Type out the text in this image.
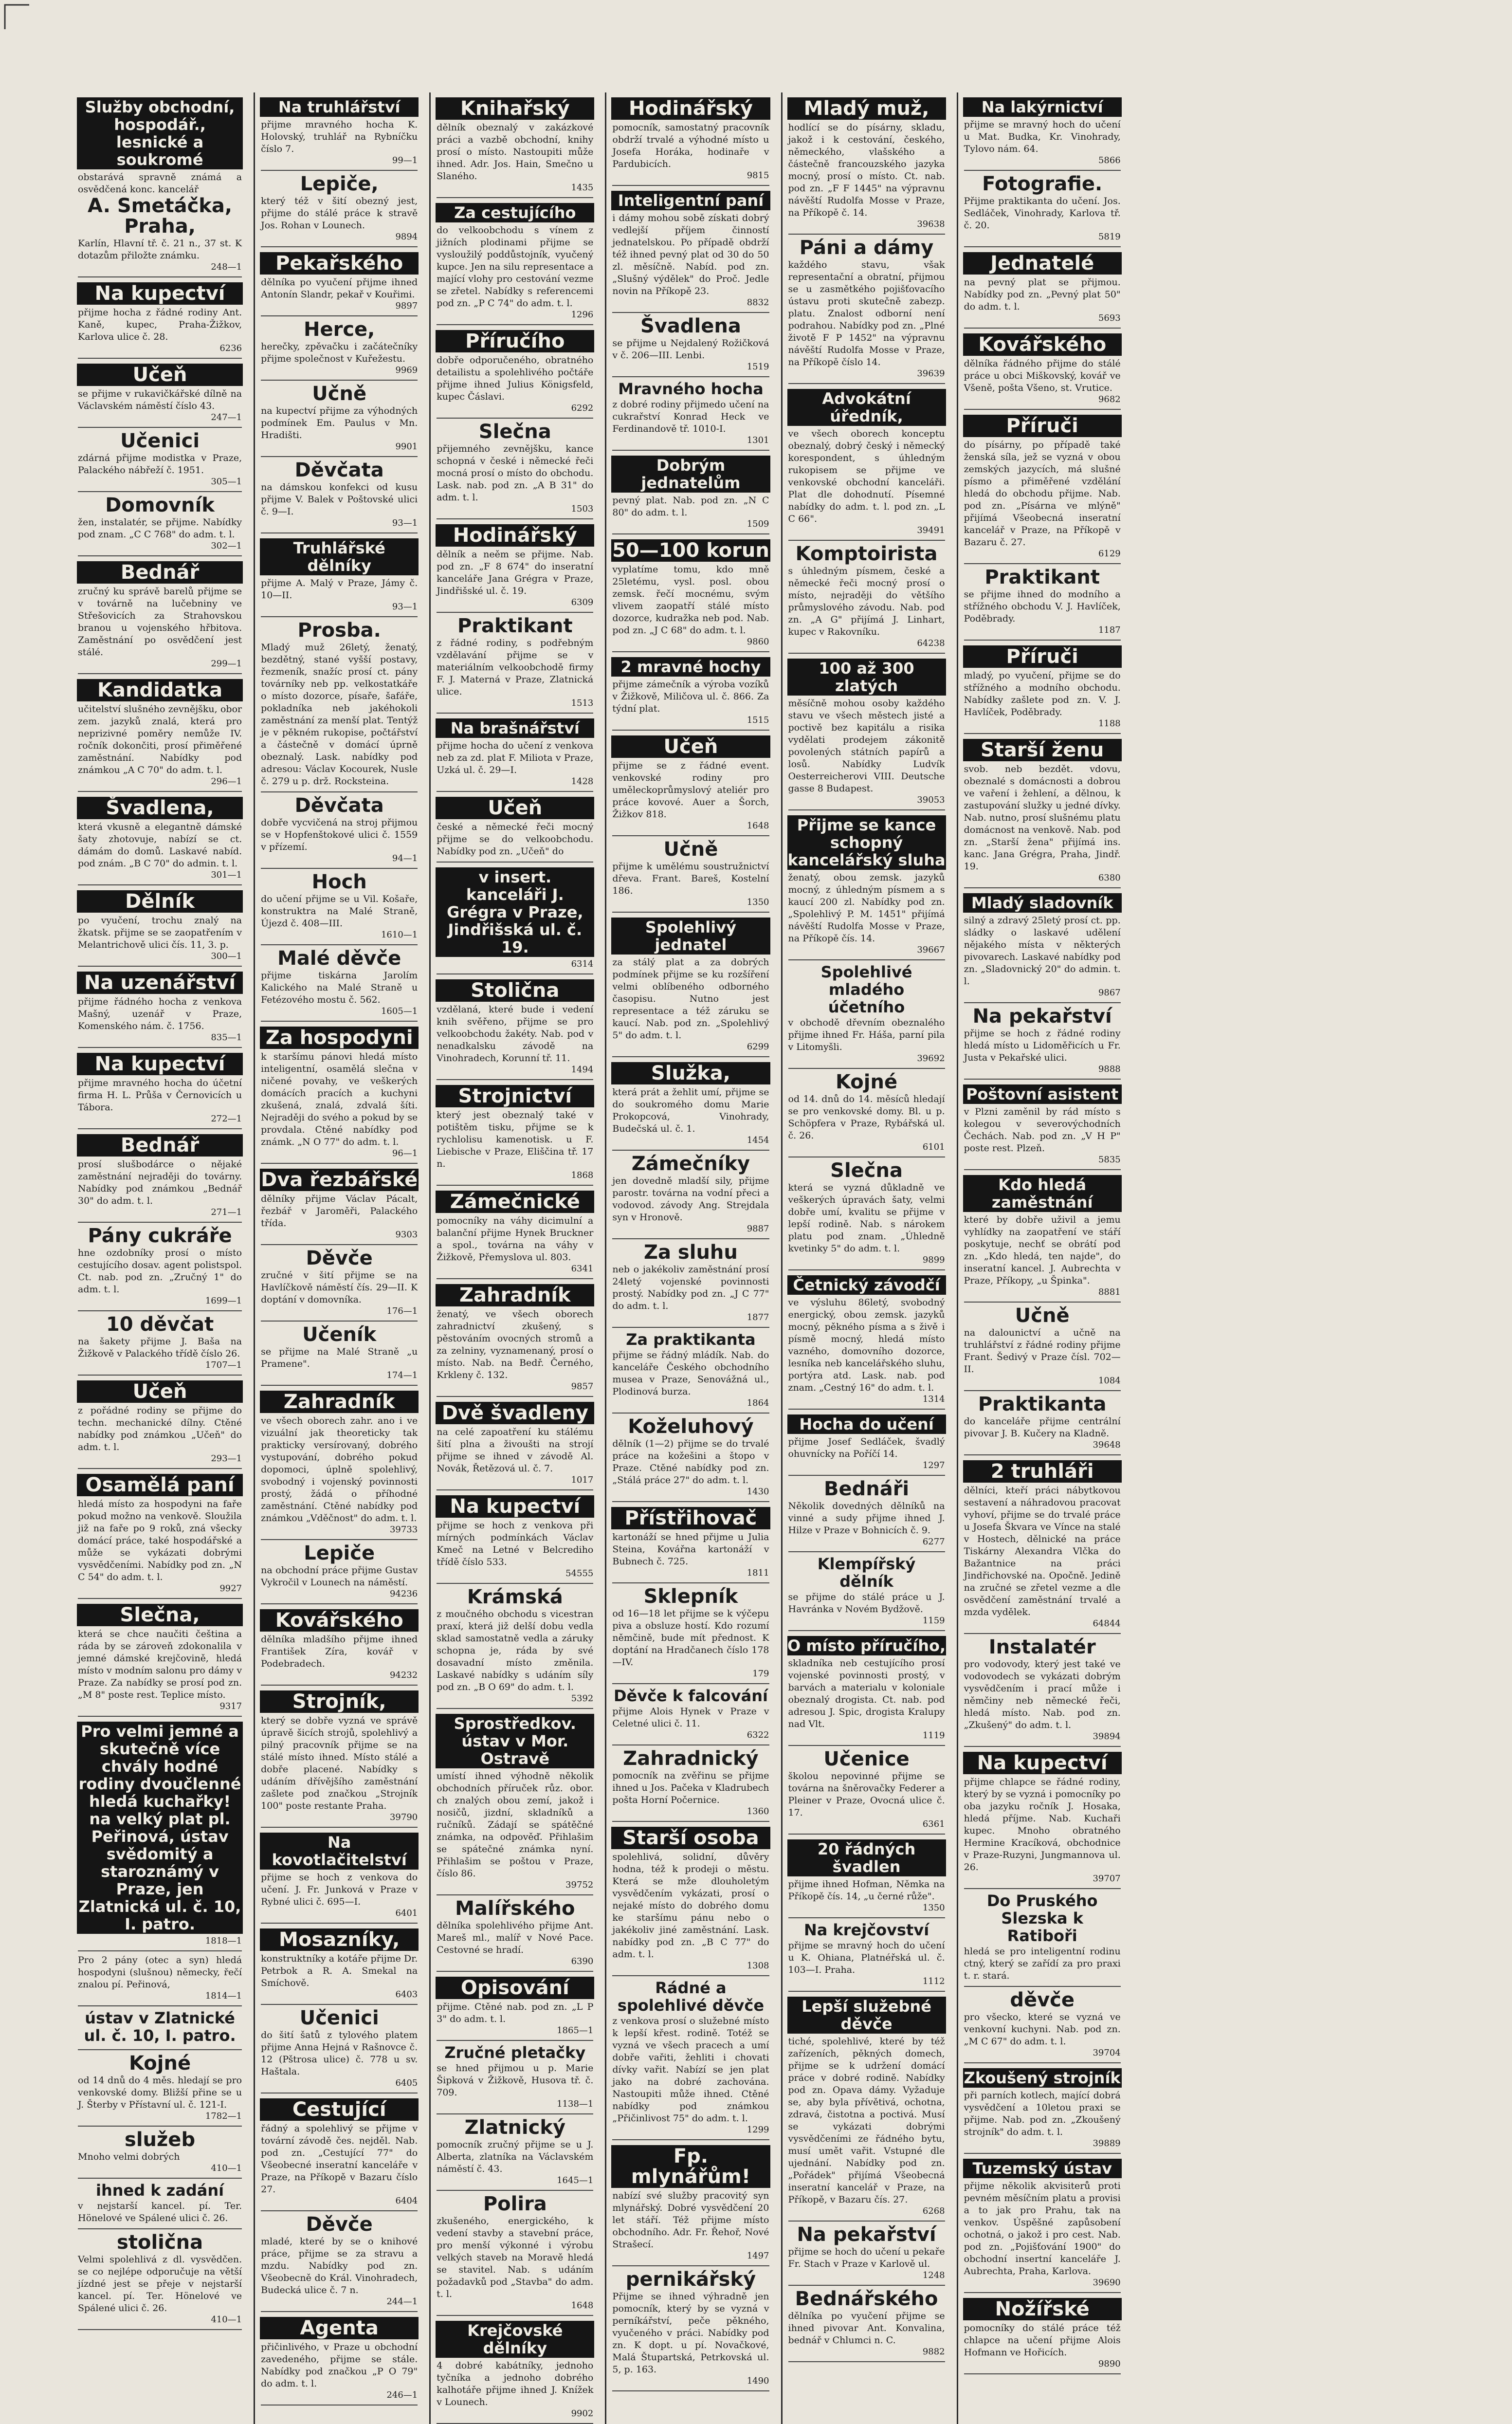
Služby obchodní, hospodář., lesnické a soukromé
obstarává spravně známá a osvědčená konc. kancelář
A. Smetáčka, Praha,
Karlín, Hlavní tř. č. 21 n., 37 st. K dotazům přiložte známku.
248—1
Na kupectví
přijme hocha z řádné rodiny Ant. Kaně, kupec, Praha-Žižkov, Karlova ulice č. 28.
6236
Učeň
se přijme v rukavičkářské dílně na Václavském náměstí číslo 43.
247—1
Učenici
zdárná přijme modistka v Praze, Palackého nábřeží č. 1951.
305—1
Domovník
žen, instalatér, se přijme. Nabídky pod znam. „C C 768" do adm. t. l.
302—1
Bednář
zručný ku správě barelů přijme se v továrně na lučebniny ve Střešovicích za Strahovskou branou u vojenského hřbitova. Zaměstnání po osvědčení jest stálé.
299—1
Kandidatka
učitelství slušného zevnějšku, obor zem. jazyků znalá, která pro neprizivné poměry nemůže IV. ročník dokončiti, prosí přiměřené zaměstnání. Nabídky pod známkou „A C 70" do adm. t. l.
296—1
Švadlena,
která vkusně a elegantně dámské šaty zhotovuje, nabízí se ct. dámám do domů. Laskavé nabíd. pod znám. „B C 70" do admin. t. l.
301—1
Dělník
po vyučení, trochu znalý na žkatsk. přijme se se zaopatřením v Melantrichově ulici čís. 11, 3. p.
300—1
Na uzenářství
přijme řádného hocha z venkova Mašný, uzenář v Praze, Komenského nám. č. 1756.
835—1
Na kupectví
přijme mravného hocha do účetní firma H. L. Průša v Černovicích u Tábora.
272—1
Bednář
prosí slušbodárce o nějaké zaměstnání nejraději do továrny. Nabídky pod známkou „Bednář 30" do adm. t. l.
271—1
Pány cukráře
hne ozdobníky prosí o místo cestujícího dosav. agent polistspol. Ct. nab. pod zn. „Zručný 1" do adm. t. l.
1699—1
10 děvčat
na šakety přijme J. Baša na Žižkově v Palackého třídě číslo 26.
1707—1
Učeň
z pořádné rodiny se přijme do techn. mechanické dílny. Ctěné nabídky pod známkou „Učeň" do adm. t. l.
293—1
Osamělá paní
hledá místo za hospodyni na faře pokud možno na venkově. Sloužila již na faře po 9 roků, zná všecky domácí práce, také hospodářské a může se vykázati dobrými vysvědčeními. Nabídky pod zn. „N C 54" do adm. t. l.
9927
Slečna,
která se chce naučiti čeština a ráda by se zároveň zdokonalila v jemné dámské krejčovině, hledá místo v modním salonu pro dámy v Praze. Za nabídky se prosí pod zn. „M 8" poste rest. Teplice místo.
9317
Pro velmi jemné a skutečně více chvály hodné rodiny dvoučlenné hledá kuchařky! na velký plat pl. Peřinová, ústav svědomitý a staroznámý v Praze, jen Zlatnická ul. č. 10, I. patro.
1818—1
Pro 2 pány (otec a syn) hledá hospodyni (slušnou) německy, řečí znalou pí. Peřinová,
1814—1
ústav v Zlatnické ul. č. 10, I. patro.
Kojné
od 14 dnů do 4 měs. hledají se pro venkovské domy. Bližší přine se u J. Šterby v Přístavní ul. č. 121-I.
1782—1
služeb
Mnoho velmi dobrých
410—1
ihned k zadání
v nejstarší kancel. pí. Ter. Hönelové ve Spálené ulici č. 26.
stolična
Velmi spolehlivá z dl. vysvědčen. se co nejlépe odporučuje na větší jízdné jest se přeje v nejstarší kancel. pí. Ter. Hönelové ve Spálené ulici č. 26.
410—1
Na truhlářství
přijme mravného hocha K. Holovský, truhlář na Rybníčku číslo 7.
99—1
Lepiče,
který též v šití obezný jest, přijme do stálé práce k stravě Jos. Rohan v Lounech.
9894
Pekařského
dělníka po vyučení přijme ihned Antonín Slandr, pekař v Kouřimi.
9897
Herce,
herečky, zpěvačku i začátečníky přijme společnost v Kuřežestu.
9969
Učně
na kupectví přijme za výhodných podmínek Em. Paulus v Mn. Hradišti.
9901
Děvčata
na dámskou konfekci od kusu přijme V. Balek v Poštovské ulici č. 9—I.
93—1
Truhlářské dělníky
přijme A. Malý v Praze, Jámy č. 10—II.
93—1
Prosba.
Mladý muž 26letý, ženatý, bezdětný, stané vyšší postavy, řezmeník, snažíc prosí ct. pány továrníky neb pp. velkostatkáře o místo dozorce, písaře, šafáře, pokladníka neb jakéhokoli zaměstnání za menší plat. Tentýž je v pěkném rukopise, počtářství a částečně v domácí úprně obeznalý. Lask. nabídky pod adresou: Václav Kocourek, Nusle č. 279 u p. drž. Rocksteina.
Děvčata
dobře vycvičená na stroj přijmou se v Hopfenštokové ulici č. 1559 v přízemí.
94—1
Hoch
do učení přijme se u Vil. Košaře, konstruktra na Malé Straně, Újezd č. 408—III.
1610—1
Malé děvče
přijme tiskárna Jarolím Kalického na Malé Straně u Fetézového mostu č. 562.
1605—1
Za hospodyni
k staršímu pánovi hledá místo inteligentní, osamělá slečna v ničené povahy, ve veškerých domácích pracích a kuchyni zkušená, znalá, zdvalá šíti. Nejraději do svého a pokud by se provdala. Ctěné nabídky pod známk. „N O 77" do adm. t. l.
96—1
Dva řezbářské
dělníky přijme Václav Pácalt, řezbář v Jaroměři, Palackého třída.
9303
Děvče
zručné v šití přijme se na Havlíčkově náměstí čís. 29—II. K doptání v domovníka.
176—1
Učeník
se přijme na Malé Straně „u Pramene".
174—1
Zahradník
ve všech oborech zahr. ano i ve vizuální jak theoreticky tak prakticky versírovaný, dobrého vystupování, dobrého pokud dopomoci, úplně spolehlivý, svobodný i vojenský povinnosti prostý, žádá o příhodné zaměstnání. Ctěné nabídky pod známkou „Vděčnost" do adm. t. l.
39733
Lepiče
na obchodní práce přijme Gustav Vykročil v Lounech na náměstí.
94236
Kovářského
dělníka mladšího přijme ihned František Zíra, kovář v Podebradech.
94232
Strojník,
který se dobře vyzná ve správě úpravě šicích strojů, spolehlivý a pilný pracovník přijme se na stálé místo ihned. Místo stálé a dobře placené. Nabídky s udáním dřívějšího zaměstnání zašlete pod značkou „Strojník 100" poste restante Praha.
39790
Na kovotlačitelství
přijme se hoch z venkova do učení. J. Fr. Junková v Praze v Rybné ulici č. 695—I.
6401
Mosazníky,
konstruktníky a kotáře přijme Dr. Petrbok a R. A. Smekal na Smíchově.
6403
Učenici
do šití šatů z tylového platem přijme Anna Hejná v Rašnovce č. 12 (Pštrosa ulice) č. 778 u sv. Haštala.
6405
Cestující
řádný a spolehlivý se přijme v tovární závodě čes. nejděl. Nab. pod zn. „Cestující 77" do Všeobecné inseratní kanceláře v Praze, na Příkopě v Bazaru číslo 27.
6404
Děvče
mladé, které by se o knihové práce, přijme se za stravu a mzdu. Nabídky pod zn. Všeobecně do Král. Vinohradech, Budecká ulice č. 7 n.
244—1
Agenta
přičinlivého, v Praze u obchodní zavedeného, přijme se stále. Nabídky pod značkou „P O 79" do adm. t. l.
246—1
Knihařský
dělník obeznalý v zakázkové práci a vazbě obchodní, knihy prosí o místo. Nastoupiti může ihned. Adr. Jos. Hain, Smečno u Slaného.
1435
Za cestujícího
do velkoobchodu s vínem z jižních plodinami přijme se vysloužilý poddůstojník, vyučený kupce. Jen na silu representace a mající vlohy pro cestování vezme se zřetel. Nabídky s referencemi pod zn. „P C 74" do adm. t. l.
1296
Příručího
dobře odporučeného, obratného detailistu a spolehlivého počtáře přijme ihned Julius Königsfeld, kupec Čáslavi.
6292
Slečna
přijemného zevnějšku, kance schopná v české i německé řeči mocná prosí o místo do obchodu. Lask. nab. pod zn. „A B 31" do adm. t. l.
1503
Hodinářský
dělník a neěm se přijme. Nab. pod zn. „F 8 674" do inseratní kanceláře Jana Grégra v Praze, Jindřišské ul. č. 19.
6309
Praktikant
z řádné rodiny, s podřebným vzdělavání přijme se v materiálním velkoobchodě firmy F. J. Materná v Praze, Zlatnická ulice.
1513
Na brašnářství
přijme hocha do učení z venkova neb za zd. plat F. Miliota v Praze, Uzká ul. č. 29—I.
1428
Učeň
české a německé řeči mocný přijme se do velkoobchodu. Nabídky pod zn. „Učeň" do
v insert. kanceláři J. Grégra v Praze, Jindřišská ul. č. 19.
6314
Stolična
vzdělaná, které bude i vedení knih svěřeno, přijme se pro velkoobchodu žakéty. Nab. pod v nenadkalsku závodě na Vinohradech, Korunní tř. 11.
1494
Strojnictví
který jest obeznalý také v potištěm tisku, přijme se k rychlolisu kamenotisk. u F. Liebische v Praze, Eliščina tř. 17 n.
1868
Zámečnické
pomocníky na váhy dicimulní a balanční přijme Hynek Bruckner a spol., továrna na váhy v Žižkově, Přemyslova ul. 803.
6341
Zahradník
ženatý, ve všech oborech zahradnictví zkušený, s pěstováním ovocných stromů a za zelniny, vyznamenaný, prosí o místo. Nab. na Bedř. Černého, Krkleny č. 132.
9857
Dvě švadleny
na celé zapoatření ku stálému šití plna a živoušti na strojí přijme se ihned v závodě Al. Novák, Řetězová ul. č. 7.
1017
Na kupectví
přijme se hoch z venkova při mírných podmínkách Václav Kmeč na Letné v Belcrediho třídě číslo 533.
54555
Krámská
z moučného obchodu s vicestran praxí, která již delší dobu vedla sklad samostatně vedla a záruky schopna je, ráda by své dosavadní místo změnila. Laskavé nabídky s udáním síly pod zn. „B O 69" do adm. t. l.
5392
Sprostředkov. ústav v Mor. Ostravě
umístí ihned výhodně několik obchodních příruček růz. obor. ch znalých obou zemí, jakož i nosičů, jizdní, skladníků a ručníků. Zádají se spátěčné známka, na odpověď. Přihlašim se spátečné známka nyní. Přihlašim se poštou v Praze, číslo 86.
39752
Malířského
dělníka spolehlivého přijme Ant. Mareš ml., malíř v Nové Pace. Cestovné se hradí.
6390
Opisování
přijme. Ctěné nab. pod zn. „L P 3" do adm. t. l.
1865—1
Zručné pletačky
se hned přijmou u p. Marie Šipková v Žižkově, Husova tř. č. 709.
1138—1
Zlatnický
pomocník zručný přijme se u J. Alberta, zlatníka na Václavském náměstí č. 43.
1645—1
Polira
zkušeného, energického, k vedení stavby a stavební práce, pro menší výkonné i výrobu velkých staveb na Moravě hledá se stavitel. Nab. s udáním požadavků pod „Stavba" do adm. t. l.
1648
Krejčovské dělníky
4 dobré kabátníky, jednoho tyčníka a jednoho dobrého kalhotáře přijme ihned J. Knížek v Lounech.
9902
Hodinářský
pomocník, samostatný pracovník obdrží trvalé a výhodné místo u Josefa Horáka, hodinaře v Pardubicích.
9815
Inteligentní paní
i dámy mohou sobě získati dobrý vedlejší příjem činností jednatelskou. Po případě obdrží též ihned pevný plat od 30 do 50 zl. měsíčně. Nabíd. pod zn. „Slušný výdělek" do Proč. Jedle novin na Příkopě 23.
8832
Švadlena
se přijme u Nejdalený Rožičková v č. 206—III. Lenbi.
1519
Mravného hocha
z dobré rodiny přijmedo učení na cukrařství Konrad Heck ve Ferdinandově tř. 1010-I.
1301
Dobrým jednatelům
pevný plat. Nab. pod zn. „N C 80" do adm. t. l.
1509
50—100 korun
vyplatíme tomu, kdo mně 25letému, vysl. posl. obou zemsk. řečí mocnému, svým vlivem zaopatří stálé místo dozorce, kudražka neb pod. Nab. pod zn. „J C 68" do adm. t. l.
9860
2 mravné hochy
přijme zámečník a výroba vozíků v Žižkově, Miličova ul. č. 866. Za týdní plat.
1515
Učeň
přijme se z řádné event. venkovské rodiny pro uměleckoprůmyslový ateliér pro práce kovové. Auer a Šorch, Žižkov 818.
1648
Učně
přijme k umělému soustružnictví dřeva. Frant. Bareš, Kostelní 186.
1350
Spolehlivý jednatel
za stálý plat a za dobrých podmínek přijme se ku rozšíření velmi oblíbeného odborného časopisu. Nutno jest representace a též záruku se kaucí. Nab. pod zn. „Spolehlivý 5" do adm. t. l.
6299
Služka,
která prát a žehlit umí, přijme se do soukromého domu Marie Prokopcová, Vinohrady, Budečská ul. č. 1.
1454
Zámečníky
jen dovedně mladší sily, přijme parostr. továrna na vodní přeci a vodovod. závody Ang. Strejdala syn v Hronově.
9887
Za sluhu
neb o jakékoliv zaměstnání prosí 24letý vojenské povinnosti prostý. Nabídky pod zn. „J C 77" do adm. t. l.
1877
Za praktikanta
přijme se řádný mládík. Nab. do kanceláře Českého obchodního musea v Praze, Senovážná ul., Plodinová burza.
1864
Koželuhový
dělník (1—2) přijme se do trvalé práce na kožešini a štopo v Praze. Ctěné nabídky pod zn. „Stálá práce 27" do adm. t. l.
1430
Přístřihovač
kartonáží se hned přijme u Julia Steina, Kovářna kartonáží v Bubnech č. 725.
1811
Sklepník
od 16—18 let přijme se k výčepu piva a obsluze hostí. Kdo rozumí němčině, bude mít přednost. K doptání na Hradčanech číslo 178—IV.
179
Děvče k falcování
přijme Alois Hynek v Praze v Celetné ulici č. 11.
6322
Zahradnický
pomocník na zvěřinu se přijme ihned u Jos. Pačeka v Kladrubech pošta Horní Počernice.
1360
Starší osoba
spolehlivá, solidní, důvěry hodna, též k prodeji o městu. Která se mže dlouholetým vysvědčením vykázati, prosí o nejaké místo do dobrého domu ke staršímu pánu nebo o jakékoliv jiné zaměstnání. Lask. nabídky pod zn. „B C 77" do adm. t. l.
1308
Rádné a spolehlivé děvče
z venkova prosí o služebné místo k lepší křest. rodině. Totéž se vyzná ve všech pracech a umí dobře vařiti, žehliti i chovati dívky vařit. Nabízí se jen plat jako na dobré zachována. Nastoupiti může ihned. Ctěné nabídky pod známkou „Přičinlivost 75" do adm. t. l.
1299
Fp. mlynářům!
nabízí své služby pracovitý syn mlynářský. Dobré vysvědčení 20 let stáří. Též přijme místo obchodního. Adr. Fr. Řehoř, Nové Strašecí.
1497
pernikářský
Přijme se ihned výhradně jen pomocník, který by se vyzná v perníkářství, peče pěkného, vyučeného v práci. Nabídky pod zn. K dopt. u pí. Novačkové, Malá Štupartská, Petrkovská ul. 5, p. 163.
1490
Mladý muž,
hodlící se do písárny, skladu, jakož i k cestování, českého, německého, vlašského a částečně francouzského jazyka mocný, prosí o místo. Ct. nab. pod zn. „F F 1445" na výpravnu návěští Rudolfa Mosse v Praze, na Příkopě č. 14.
39638
Páni a dámy
každého stavu, však representační a obratní, přijmou se u zasmětkého pojišťovacího ústavu proti skutečně zabezp. platu. Znalost odborní není podrahou. Nabídky pod zn. „Plné životě F P 1452" na výpravnu návěští Rudolfa Mosse v Praze, na Příkopě číslo 14.
39639
Advokátní úředník,
ve všech oborech konceptu obeznalý, dobrý český i německý korespondent, s úhledným rukopisem se přijme ve venkovské obchodní kanceláři. Plat dle dohodnutí. Písemné nabídky do adm. t. l. pod zn. „L C 66".
39491
Komptoirista
s úhledným písmem, české a německé řeči mocný prosí o místo, nejraději do většího průmyslového závodu. Nab. pod zn. „A G" přijímá J. Linhart, kupec v Rakovníku.
64238
100 až 300 zlatých
měsíčně mohou osoby každého stavu ve všech městech jisté a poctivě bez kapitálu a risika vydělati prodejem zákonitě povolených státních papírů a losů. Nabídky Ludvík Oesterreicherovi VIII. Deutsche gasse 8 Budapest.
39053
Přijme se kance schopný kancelářský sluha
ženatý, obou zemsk. jazyků mocný, z úhledným písmem a s kaucí 200 zl. Nabídky pod zn. „Spolehlivý P. M. 1451" přijímá návěští Rudolfa Mosse v Praze, na Příkopě čís. 14.
39667
Spolehlivé mladého účetního
v obchodě dřevním obeznalého přijme ihned Fr. Háša, parní pila v Litomyšli.
39692
Kojné
od 14. dnů do 14. měsíců hledají se pro venkovské domy. Bl. u p. Schöpfera v Praze, Rybářská ul. č. 26.
6101
Slečna
která se vyzná důkladně ve veškerých úpravách šaty, velmi dobře umí, kvalitu se přijme v lepší rodině. Nab. s nárokem platu pod znam. „Úhledně kvetinky 5" do adm. t. l.
9899
Četnický závodčí
ve výsluhu 86letý, svobodný energický, obou zemsk. jazyků mocný, pěkného písma a s živě i písmě mocný, hledá místo vazného, domovního dozorce, lesníka neb kancelářského sluhu, portýra atd. Lask. nab. pod znam. „Cestný 16" do adm. t. l.
1314
Hocha do učení
přijme Josef Sedláček, švadlý ohuvnícky na Poříčí 14.
1297
Bednáři
Několik dovedných dělníků na vinné a sudy přijme ihned J. Hilze v Praze v Bohnicích č. 9.
6277
Klempířský dělník
se přijme do stálé práce u J. Havránka v Novém Bydžově.
1159
O místo příručího,
skladníka neb cestujícího prosí vojenské povinnosti prostý, v barvách a materialu v koloniale obeznalý drogista. Ct. nab. pod adresou J. Spic, drogista Kralupy nad Vlt.
1119
Učenice
školou nepovinné přijme se továrna na šněrovačky Federer a Pleiner v Praze, Ovocná ulice č. 17.
6361
20 řádných švadlen
přijme ihned Hofman, Němka na Příkopě čís. 14, „u černé růže".
1350
Na krejčovství
přijme se mravný hoch do učení u K. Ohiana, Platnéřská ul. č. 103—I. Praha.
1112
Lepší služebné děvče
tiché, spolehlivé, které by též zařízeních, pěkných domech, přijme se k udržení domácí práce v dobré rodině. Nabídky pod zn. Opava dámy. Vyžaduje se, aby byla přívětivá, ochotna, zdravá, čistotna a poctivá. Musí se vykázati dobrými vysvědčeními ze řádného bytu, musí umět vařit. Vstupné dle ujednání. Nabídky pod zn. „Pořádek" přijímá Všeobecná inseratní kancelář v Praze, na Příkopě, v Bazaru čís. 27.
6268
Na pekařství
přijme se hoch do učení u pekaře Fr. Stach v Praze v Karlově ul.
1248
Bednářského
dělníka po vyučení přijme se ihned pivovar Ant. Konvalina, bednář v Chlumci n. C.
9882
Na lakýrnictví
přijme se mravný hoch do učení u Mat. Budka, Kr. Vinohrady, Tylovo nám. 64.
5866
Fotografie.
Přijme praktikanta do učení. Jos. Sedláček, Vinohrady, Karlova tř. č. 20.
5819
Jednatelé
na pevný plat se přijmou. Nabídky pod zn. „Pevný plat 50" do adm. t. l.
5693
Kovářského
dělníka řádného přijme do stálé práce u obci Miškovský, kovář ve Všeně, pošta Všeno, st. Vrutice.
9682
Příruči
do písárny, po případě také ženská síla, jež se vyzná v obou zemských jazycích, má slušné písmo a přiměřené vzdělání hledá do obchodu přijme. Nab. pod zn. „Písárna ve mlýně" přijímá Všeobecná inseratní kancelář v Praze, na Příkopě v Bazaru č. 27.
6129
Praktikant
se přijme ihned do modního a střížného obchodu V. J. Havlíček, Poděbrady.
1187
Příruči
mladý, po vyučení, přijme se do střížného a modního obchodu. Nabídky zašlete pod zn. V. J. Havlíček, Poděbrady.
1188
Starší ženu
svob. neb bezdět. vdovu, obeznalé s domácnosti a dobrou ve vaření i žehlení, a dělnou, k zastupování služky u jedné dívky. Nab. nutno, prosí slušnému platu domácnost na venkově. Nab. pod zn. „Starší žena" přijímá ins. kanc. Jana Grégra, Praha, Jindř. 19.
6380
Mladý sladovník
silný a zdravý 25letý prosí ct. pp. sládky o laskavé udělení nějakého místa v některých pivovarech. Laskavé nabídky pod zn. „Sladovnický 20" do admin. t. l.
9867
Na pekařství
přijme se hoch z řádné rodiny hledá místo u Lidoměřicích u Fr. Justa v Pekařské ulici.
9888
Poštovní asistent
v Plzni zaměnil by rád místo s kolegou v severovýchodních Čechách. Nab. pod zn. „V H P" poste rest. Plzeň.
5835
Kdo hledá zaměstnání
které by dobře uživil a jemu vyhlídky na zaopatření ve stáří poskytuje, nechť se obrátí pod zn. „Kdo hledá, ten najde", do inseratní kancel. J. Aubrechta v Praze, Příkopy, „u Špinka".
8881
Učně
na dalounictví a učně na truhlářství z řádné rodiny přijme Frant. Šedivý v Praze čísl. 702—II.
1084
Praktikanta
do kanceláře přijme centrální pivovar J. B. Kučery na Kladně.
39648
2 truhláři
dělníci, kteří práci nábytkovou sestavení a náhradovou pracovat vyhoví, přijme se do trvalé práce u Josefa Škvara ve Vínce na stalé v Hostech, dělnické na práce Tiskárny Alexandra Vlčka do Bažantnice na práci Jindřichovské na. Opočně. Jedině na zručné se zřetel vezme a dle osvědčení zaměstnání trvalé a mzda vydělek.
64844
Instalatér
pro vodovody, který jest také ve vodovodech se vykázati dobrým vysvědčením i prací může i němčiny neb německé řeči, hledá místo. Nab. pod zn. „Zkušený" do adm. t. l.
39894
Na kupectví
přijme chlapce se řádné rodiny, který by se vyzná i pomocníky po oba jazyku ročník J. Hosaka, hledá příjme. Nab. Kuchaři kupec. Mnoho obratného Hermine Kracíková, obchodnice v Praze-Ruzyni, Jungmannova ul. 26.
39707
Do Pruského Slezska k Ratiboři
hledá se pro inteligentní rodinu ctný, který se zařídí za pro praxi t. r. stará.
děvče
pro všecko, které se vyzná ve venkovní kuchyni. Nab. pod zn. „M C 67" do adm. t. l.
39704
Zkoušený strojník
při parních kotlech, mající dobrá vysvědčení a 10letou praxi se přijme. Nab. pod zn. „Zkoušený strojník" do adm. t. l.
39889
Tuzemský ústav
přijme několik akvisiterů proti pevném měsíčním platu a provisi a to jak pro Prahu, tak na venkov. Úspěšné zapůsobení ochotná, o jakož i pro cest. Nab. pod zn. „Pojišťování 1900" do obchodní insertní kanceláře J. Aubrechta, Praha, Karlova.
39690
Nožířské
pomocníky do stálé práce též chlapce na učení přijme Alois Hofmann ve Hořicích.
9890
